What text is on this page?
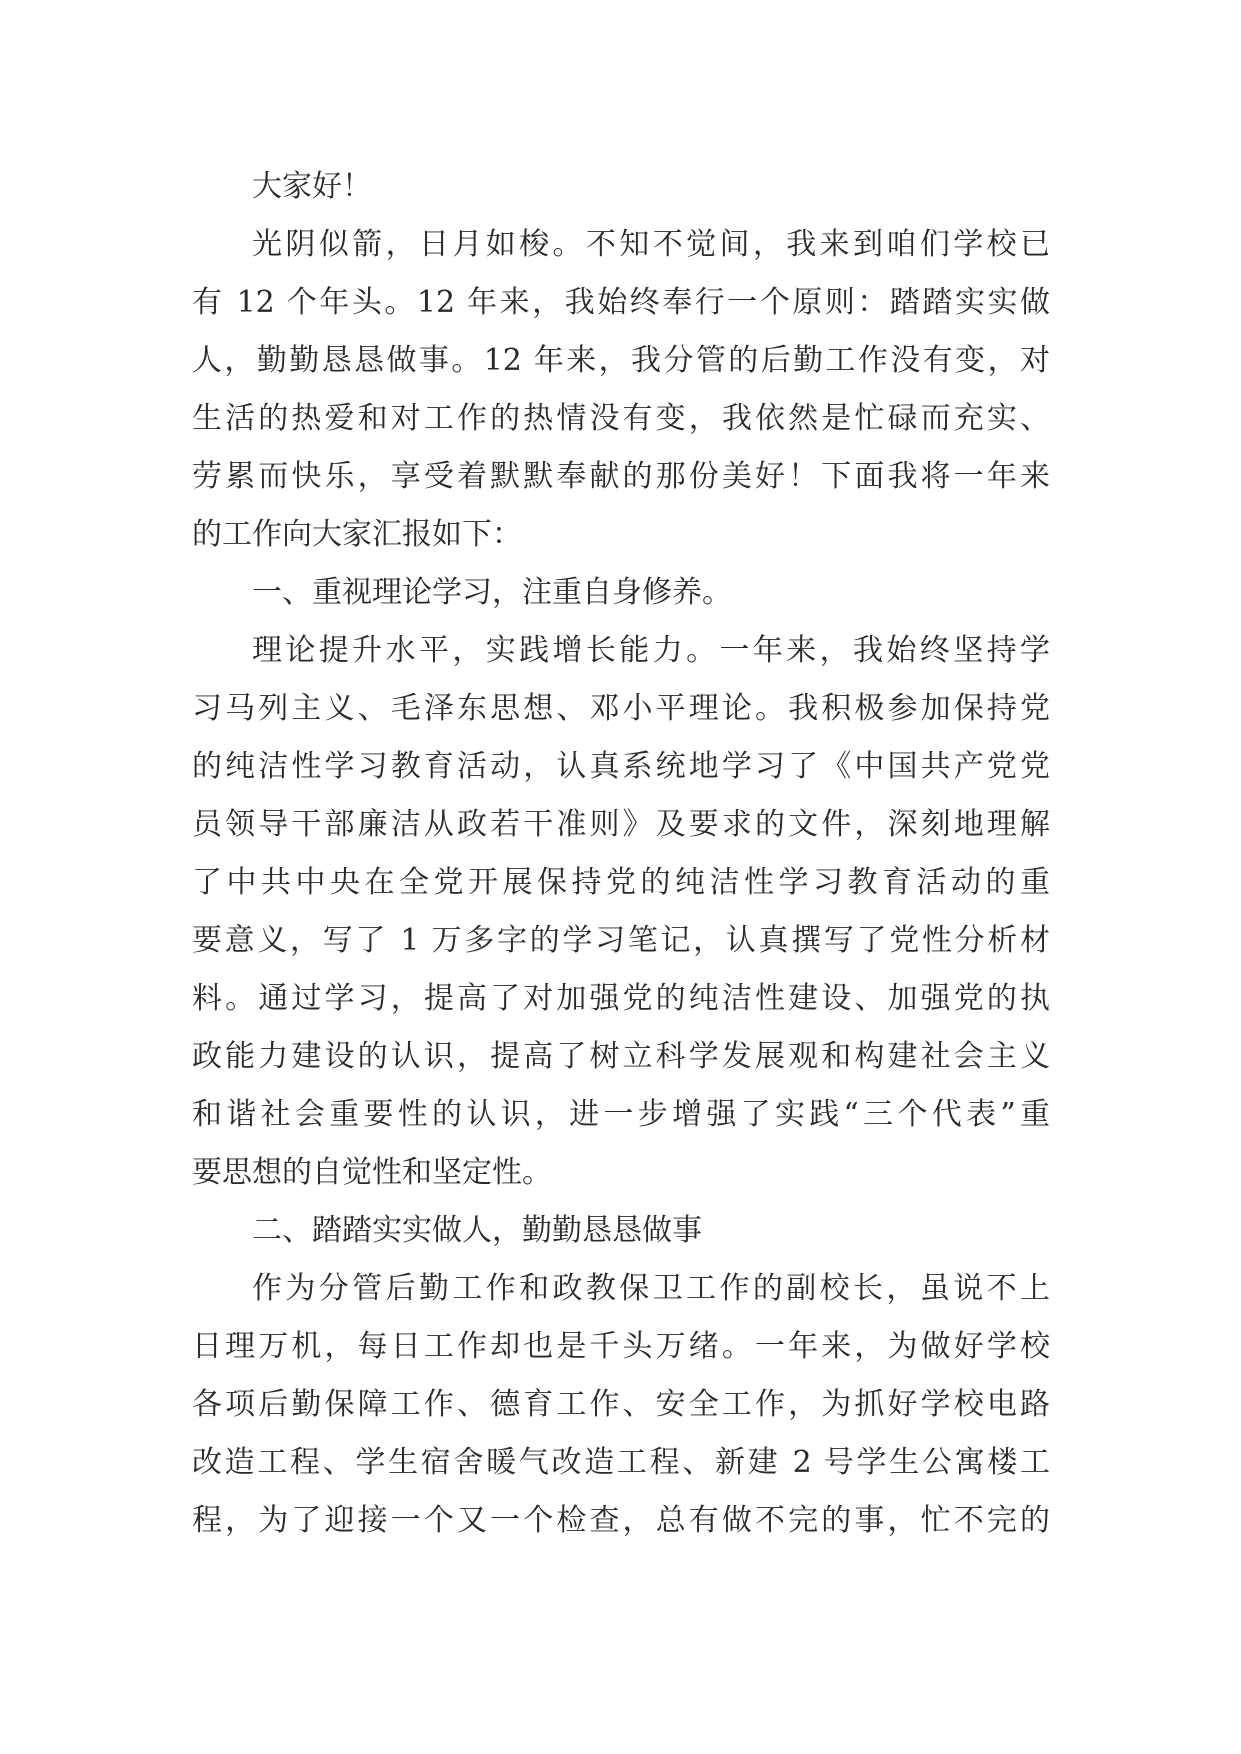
大家好！
光阴似箭，日月如梭。不知不觉间，我来到咱们学校已
有 12 个年头。12 年来，我始终奉行一个原则：踏踏实实做
人，勤勤恳恳做事。12 年来，我分管的后勤工作没有变，对
生活的热爱和对工作的热情没有变，我依然是忙碌而充实、
劳累而快乐，享受着默默奉献的那份美好！下面我将一年来
的工作向大家汇报如下：
一、重视理论学习，注重自身修养。
理论提升水平，实践增长能力。一年来，我始终坚持学
习马列主义、毛泽东思想、邓小平理论。我积极参加保持党
的纯洁性学习教育活动，认真系统地学习了《中国共产党党
员领导干部廉洁从政若干准则》及要求的文件，深刻地理解
了中共中央在全党开展保持党的纯洁性学习教育活动的重
要意义，写了 1 万多字的学习笔记，认真撰写了党性分析材
料。通过学习，提高了对加强党的纯洁性建设、加强党的执
政能力建设的认识，提高了树立科学发展观和构建社会主义
和谐社会重要性的认识，进一步增强了实践“三个代表”重
要思想的自觉性和坚定性。
二、踏踏实实做人，勤勤恳恳做事
作为分管后勤工作和政教保卫工作的副校长，虽说不上
日理万机，每日工作却也是千头万绪。一年来，为做好学校
各项后勤保障工作、德育工作、安全工作，为抓好学校电路
改造工程、学生宿舍暖气改造工程、新建 2 号学生公寓楼工
程，为了迎接一个又一个检查，总有做不完的事，忙不完的
